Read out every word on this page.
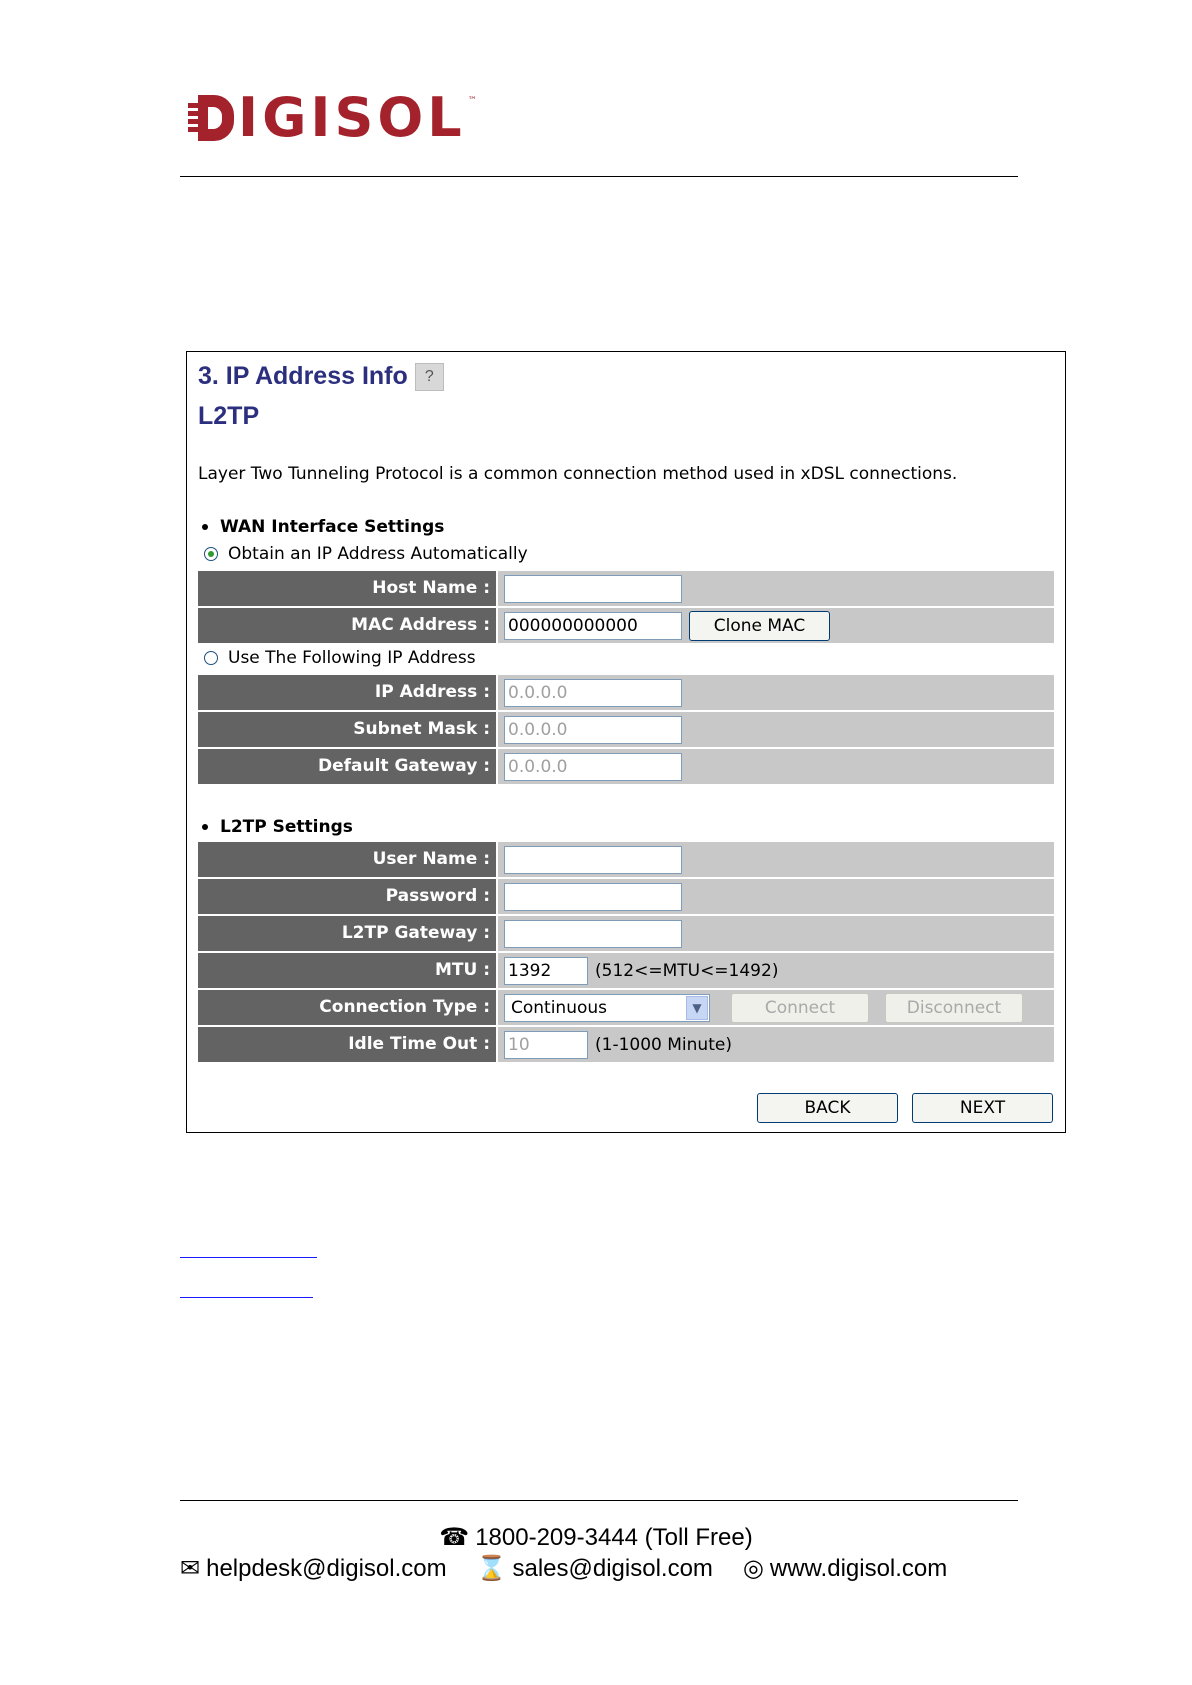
IGISOL ™
3. IP Address Info	?
L2TP
Layer Two Tunneling Protocol is a common connection method used in xDSL connections.
WAN Interface Settings
Obtain an IP Address Automatically
Host Name :
MAC Address :	000000000000	Clone MAC
Use The Following IP Address
IP Address :	0.0.0.0
Subnet Mask :	0.0.0.0
Default Gateway :	0.0.0.0
L2TP Settings
User Name :
Password :
L2TP Gateway :
MTU :	1392	(512<=MTU<=1492)
Connection Type :	Continuous	▼	Connect	Disconnect
Idle Time Out :	10	(1-1000 Minute)
BACK	NEXT
☎ 1800-209-3444 (Toll Free)
✉ helpdesk@digisol.com ⌛ sales@digisol.com ◎ www.digisol.com
